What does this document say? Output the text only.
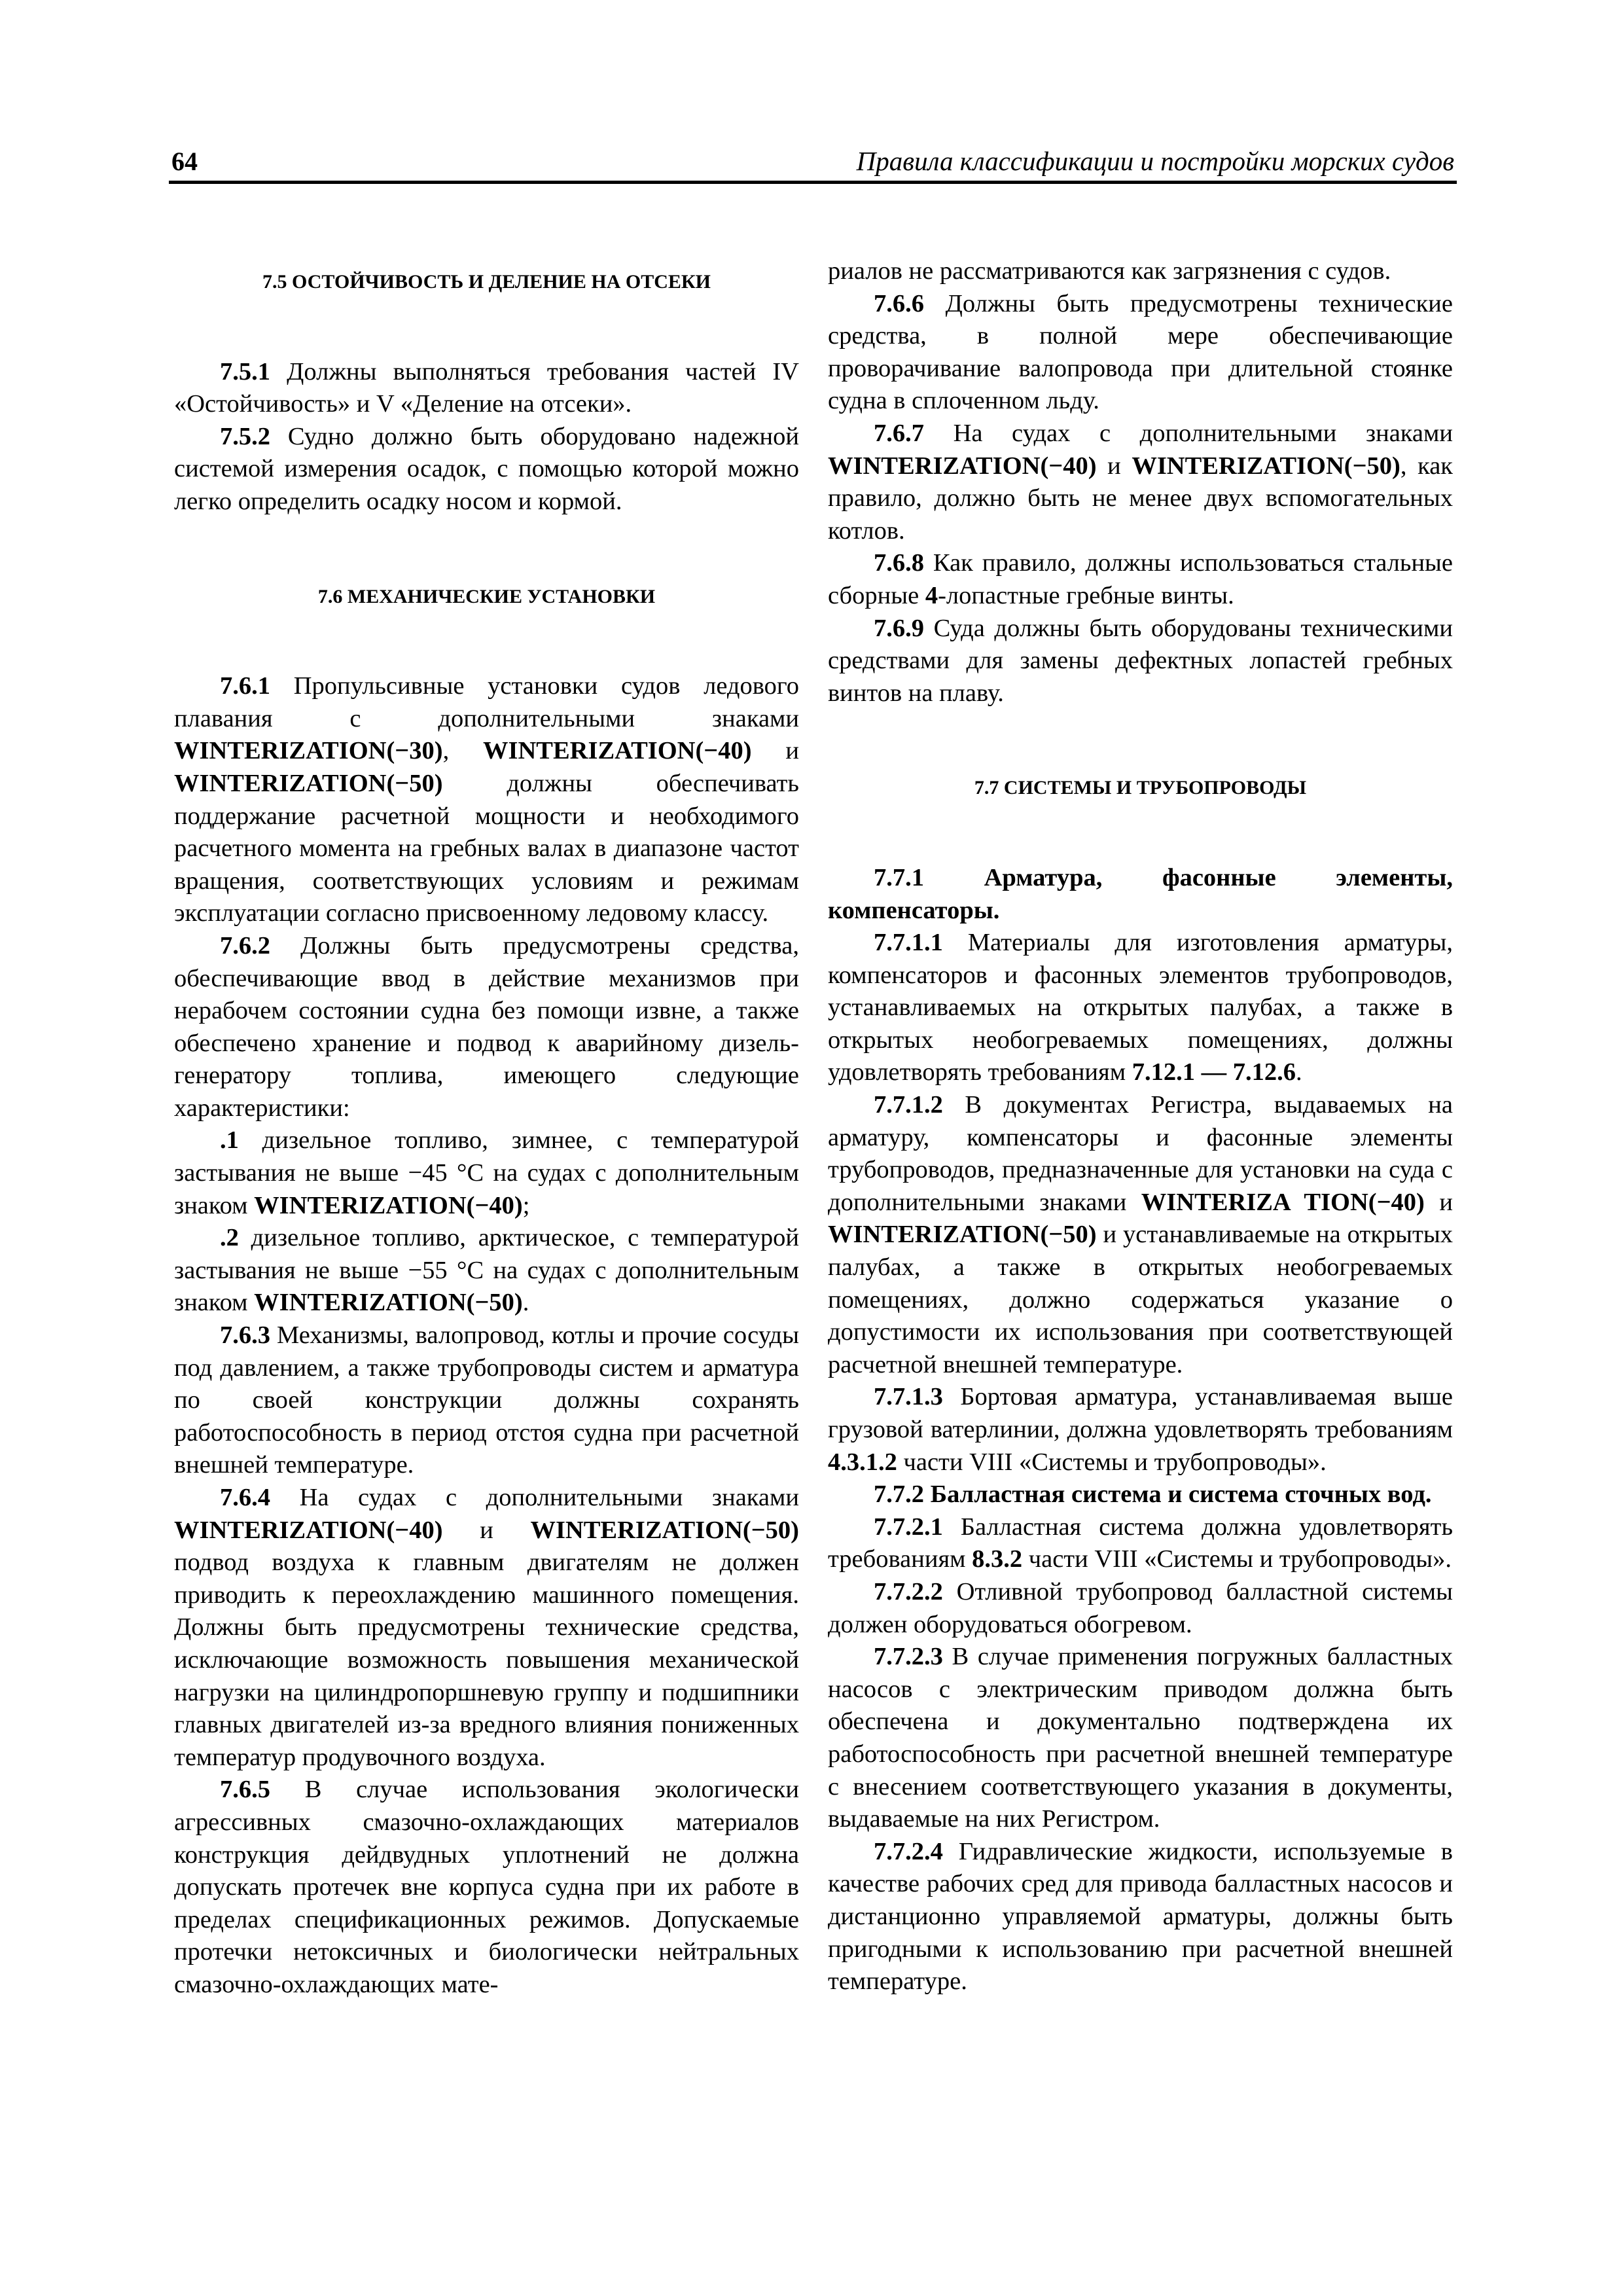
64	Правила классификации и постройки морских судов

7.5 ОСТОЙЧИВОСТЬ И ДЕЛЕНИЕ НА ОТСЕКИ

7.5.1 Должны выполняться требования частей IV «Остойчивость» и V «Деление на отсеки».

7.5.2 Судно должно быть оборудовано надежной системой измерения осадок, с помощью которой можно легко определить осадку носом и кормой.

7.6 МЕХАНИЧЕСКИЕ УСТАНОВКИ

7.6.1 Пропульсивные установки судов ледового плавания с дополнительными знаками WINTERIZATION(−30), WINTERIZATION(−40) и WINTERIZATION(−50) должны обеспечивать поддержание расчетной мощности и необходимого расчетного момента на гребных валах в диапазоне частот вращения, соответствующих условиям и режимам эксплуатации согласно присвоенному ледовому классу.

7.6.2 Должны быть предусмотрены средства, обеспечивающие ввод в действие механизмов при нерабочем состоянии судна без помощи извне, а также обеспечено хранение и подвод к аварийному дизель-генератору топлива, имеющего следующие характеристики:

.1 дизельное топливо, зимнее, с температурой застывания не выше −45 °С на судах с дополнительным знаком WINTERIZATION(−40);

.2 дизельное топливо, арктическое, с температурой застывания не выше −55 °С на судах с дополнительным знаком WINTERIZATION(−50).

7.6.3 Механизмы, валопровод, котлы и прочие сосуды под давлением, а также трубопроводы систем и арматура по своей конструкции должны сохранять работоспособность в период отстоя судна при расчетной внешней температуре.

7.6.4 На судах с дополнительными знаками WINTERIZATION(−40) и WINTERIZATION(−50) подвод воздуха к главным двигателям не должен приводить к переохлаждению машинного помещения. Должны быть предусмотрены технические средства, исключающие возможность повышения механической нагрузки на цилиндропоршневую группу и подшипники главных двигателей из-за вредного влияния пониженных температур продувочного воздуха.

7.6.5 В случае использования экологически агрессивных смазочно-охлаждающих материалов конструкция дейдвудных уплотнений не должна допускать протечек вне корпуса судна при их работе в пределах спецификационных режимов. Допускаемые протечки нетоксичных и биологически нейтральных смазочно-охлаждающих мате-

риалов не рассматриваются как загрязнения с судов.

7.6.6 Должны быть предусмотрены технические средства, в полной мере обеспечивающие проворачивание валопровода при длительной стоянке судна в сплоченном льду.

7.6.7 На судах с дополнительными знаками WINTERIZATION(−40) и WINTERIZATION(−50), как правило, должно быть не менее двух вспомогательных котлов.

7.6.8 Как правило, должны использоваться стальные сборные 4-лопастные гребные винты.

7.6.9 Суда должны быть оборудованы техническими средствами для замены дефектных лопастей гребных винтов на плаву.

7.7 СИСТЕМЫ И ТРУБОПРОВОДЫ

7.7.1 Арматура, фасонные элементы, компенсаторы.

7.7.1.1 Материалы для изготовления арматуры, компенсаторов и фасонных элементов трубопроводов, устанавливаемых на открытых палубах, а также в открытых необогреваемых помещениях, должны удовлетворять требованиям 7.12.1 — 7.12.6.

7.7.1.2 В документах Регистра, выдаваемых на арматуру, компенсаторы и фасонные элементы трубопроводов, предназначенные для установки на суда с дополнительными знаками WINTERIZA TION(−40) и WINTERIZATION(−50) и устанавливаемые на открытых палубах, а также в открытых необогреваемых помещениях, должно содержаться указание о допустимости их использования при соответствующей расчетной внешней температуре.

7.7.1.3 Бортовая арматура, устанавливаемая выше грузовой ватерлинии, должна удовлетворять требованиям 4.3.1.2 части VIII «Системы и трубопроводы».

7.7.2 Балластная система и система сточных вод.

7.7.2.1 Балластная система должна удовлетворять требованиям 8.3.2 части VIII «Системы и трубопроводы».

7.7.2.2 Отливной трубопровод балластной системы должен оборудоваться обогревом.

7.7.2.3 В случае применения погружных балластных насосов с электрическим приводом должна быть обеспечена и документально подтверждена их работоспособность при расчетной внешней температуре с внесением соответствующего указания в документы, выдаваемые на них Регистром.

7.7.2.4 Гидравлические жидкости, используемые в качестве рабочих сред для привода балластных насосов и дистанционно управляемой арматуры, должны быть пригодными к использованию при расчетной внешней температуре.
